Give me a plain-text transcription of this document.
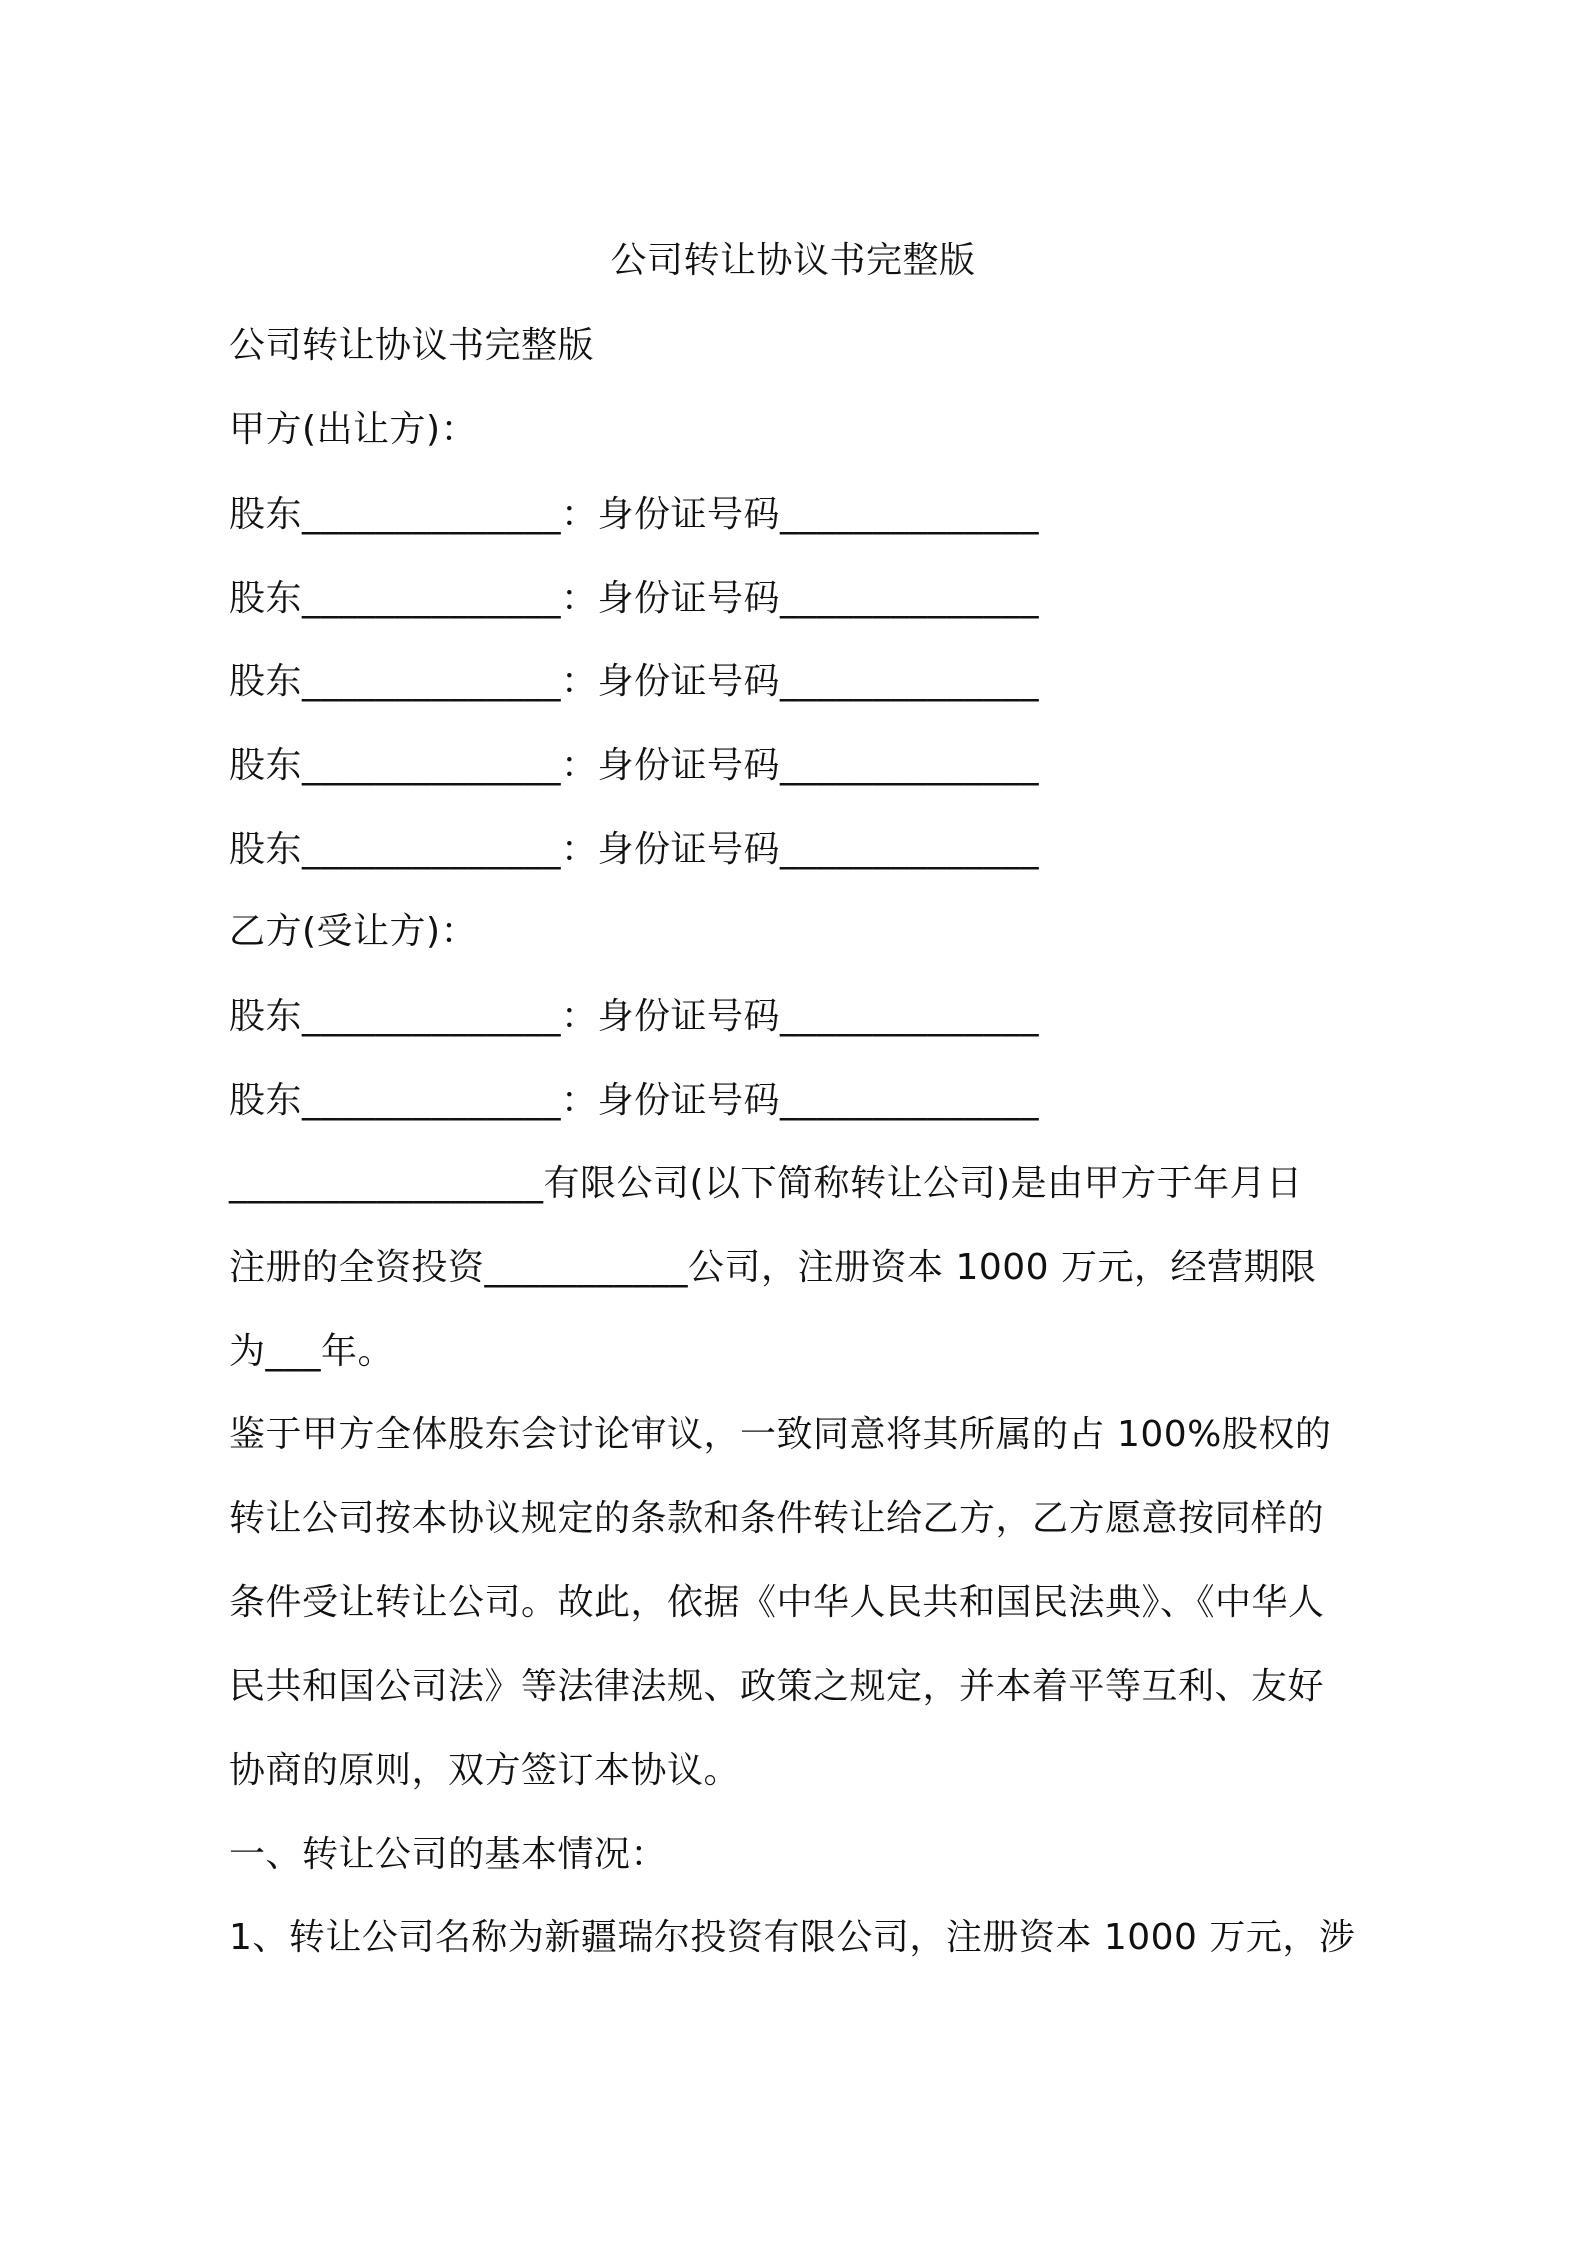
公司转让协议书完整版
公司转让协议书完整版
甲方(出让方)：
股东______________：身份证号码______________
股东______________：身份证号码______________
股东______________：身份证号码______________
股东______________：身份证号码______________
股东______________：身份证号码______________
乙方(受让方)：
股东______________：身份证号码______________
股东______________：身份证号码______________
_________________有限公司(以下简称转让公司)是由甲方于年月日
注册的全资投资___________公司，注册资本 1000 万元，经营期限
为___年。
鉴于甲方全体股东会讨论审议，一致同意将其所属的占 100%股权的
转让公司按本协议规定的条款和条件转让给乙方，乙方愿意按同样的
条件受让转让公司。故此，依据《中华人民共和国民法典》、《中华人
民共和国公司法》等法律法规、政策之规定，并本着平等互利、友好
协商的原则，双方签订本协议。
一、转让公司的基本情况：
1、转让公司名称为新疆瑞尔投资有限公司，注册资本 1000 万元，涉
